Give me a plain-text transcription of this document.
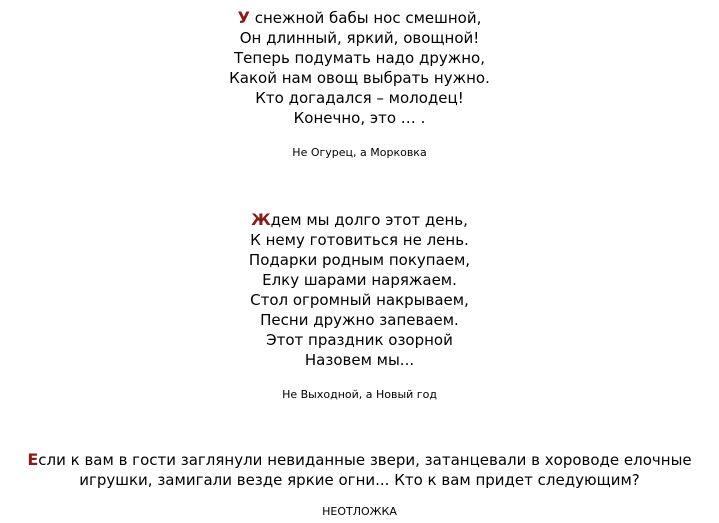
У снежной бабы нос смешной,
Он длинный, яркий, овощной!
Теперь подумать надо дружно,
Какой нам овощ выбрать нужно.
Кто догадался – молодец!
Конечно, это … .
Не Огурец, а Морковка
Ждем мы долго этот день,
К нему готовиться не лень.
Подарки родным покупаем,
Елку шарами наряжаем.
Стол огромный накрываем,
Песни дружно запеваем.
Этот праздник озорной
Назовем мы...
Не Выходной, а Новый год
Если к вам в гости заглянули невиданные звери, затанцевали в хороводе елочные
игрушки, замигали везде яркие огни... Кто к вам придет следующим?
НЕОТЛОЖКА
